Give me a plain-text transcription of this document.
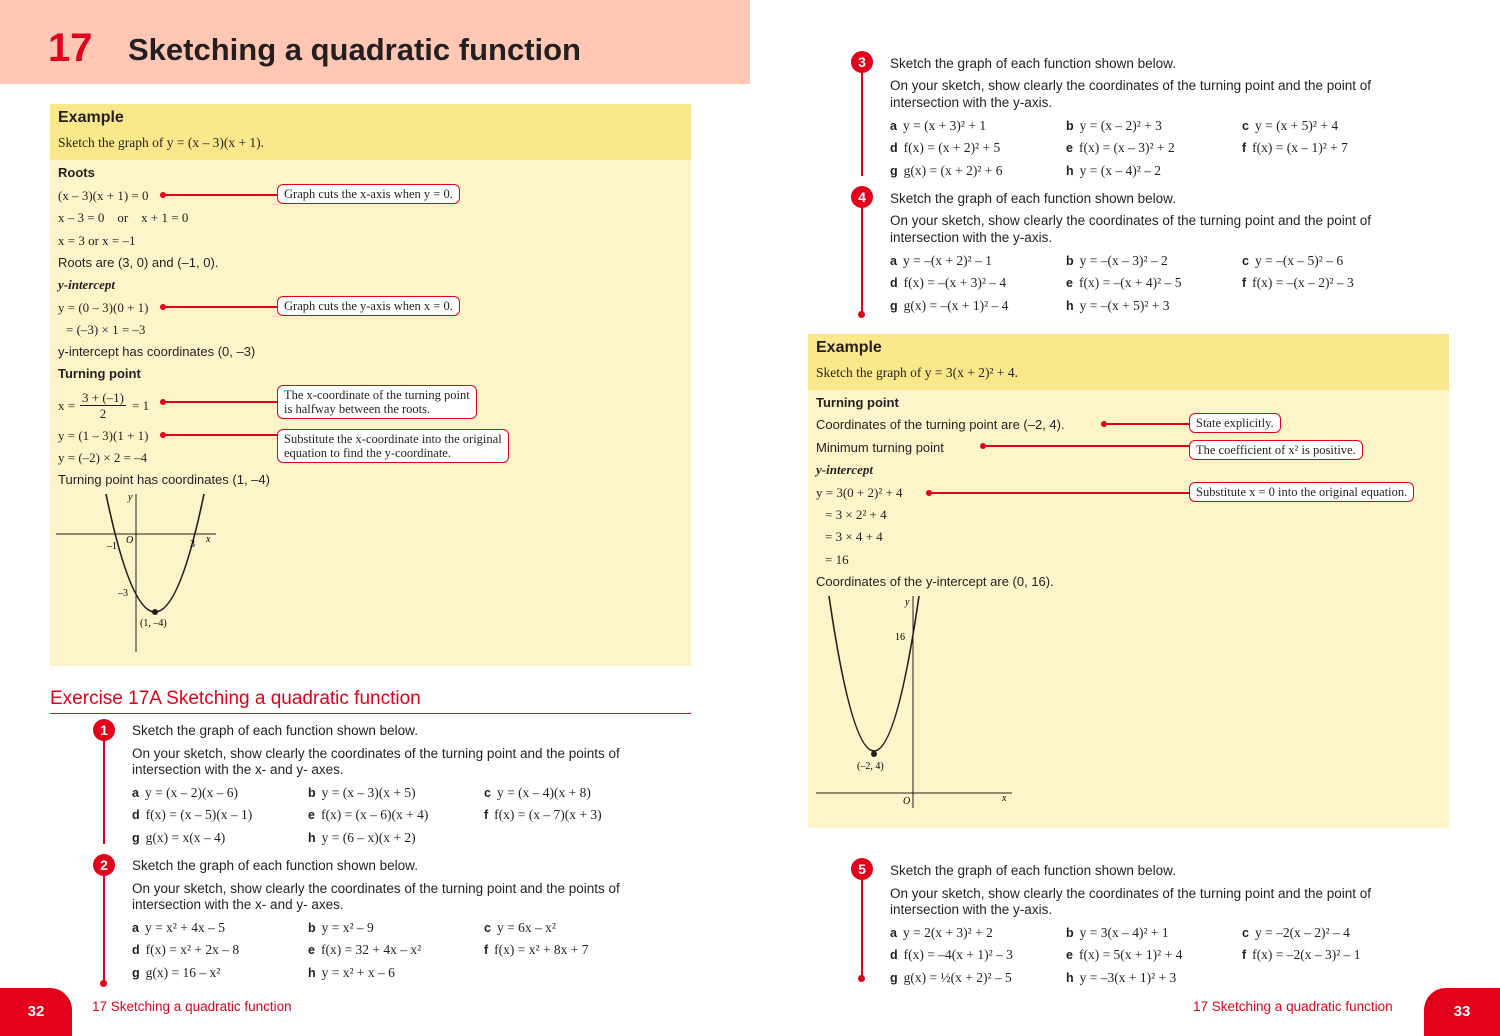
17 Sketching a quadratic function
Example
Sketch the graph of y = (x – 3)(x + 1).
Roots
(x – 3)(x + 1) = 0
x – 3 = 0    or    x + 1 = 0
x = 3 or x = –1
Roots are (3, 0) and (–1, 0).
y-intercept
y = (0 – 3)(0 + 1)
= (–3) × 1 = –3
y-intercept has coordinates (0, –3)
Turning point
x =
3 + (–1)
2
= 1
y = (1 – 3)(1 + 1)
y = (–2) × 2 = –4
Turning point has coordinates (1, –4)
Graph cuts the x-axis when y = 0.
Graph cuts the y-axis when x = 0.
The x-coordinate of the turning point
is halfway between the roots.
Substitute the x-coordinate into the original
equation to find the y-coordinate.
y
x
O
–1	3
–3
(1, –4)
Exercise 17A Sketching a quadratic function
1	Sketch the graph of each function shown below.
On your sketch, show clearly the coordinates of the turning point and the points of
intersection with the x- and y- axes.
a y = (x – 2)(x – 6)	b y = (x – 3)(x + 5)	c y = (x – 4)(x + 8)
d f(x) = (x – 5)(x – 1)	e f(x) = (x – 6)(x + 4)	f f(x) = (x – 7)(x + 3)
g g(x) = x(x – 4)	h y = (6 – x)(x + 2)
2	Sketch the graph of each function shown below.
On your sketch, show clearly the coordinates of the turning point and the points of
intersection with the x- and y- axes.
a y = x² + 4x – 5	b y = x² – 9	c y = 6x – x²
d f(x) = x² + 2x – 8	e f(x) = 32 + 4x – x²	f f(x) = x² + 8x + 7
g g(x) = 16 – x²	h y = x² + x – 6
32	17 Sketching a quadratic function
3	Sketch the graph of each function shown below.
On your sketch, show clearly the coordinates of the turning point and the point of
intersection with the y-axis.
a y = (x + 3)² + 1	b y = (x – 2)² + 3	c y = (x + 5)² + 4
d f(x) = (x + 2)² + 5	e f(x) = (x – 3)² + 2	f f(x) = (x – 1)² + 7
g g(x) = (x + 2)² + 6	h y = (x – 4)² – 2
4	Sketch the graph of each function shown below.
On your sketch, show clearly the coordinates of the turning point and the point of
intersection with the y-axis.
a y = –(x + 2)² – 1	b y = –(x – 3)² – 2	c y = –(x – 5)² – 6
d f(x) = –(x + 3)² – 4	e f(x) = –(x + 4)² – 5	f f(x) = –(x – 2)² – 3
g g(x) = –(x + 1)² – 4	h y = –(x + 5)² + 3
Example
Sketch the graph of y = 3(x + 2)² + 4.
Turning point
Coordinates of the turning point are (–2, 4).
Minimum turning point
y-intercept
y = 3(0 + 2)² + 4
= 3 × 2² + 4
= 3 × 4 + 4
= 16
Coordinates of the y-intercept are (0, 16).
State explicitly.
The coefficient of x² is positive.
Substitute x = 0 into the original equation.
y
x
O
16
(–2, 4)
5	Sketch the graph of each function shown below.
On your sketch, show clearly the coordinates of the turning point and the point of
intersection with the y-axis.
a y = 2(x + 3)² + 2	b y = 3(x – 4)² + 1	c y = –2(x – 2)² – 4
d f(x) = –4(x + 1)² – 3	e f(x) = 5(x + 1)² + 4	f f(x) = –2(x – 3)² – 1
g g(x) = ½(x + 2)² – 5	h y = –3(x + 1)² + 3
17 Sketching a quadratic function	33
